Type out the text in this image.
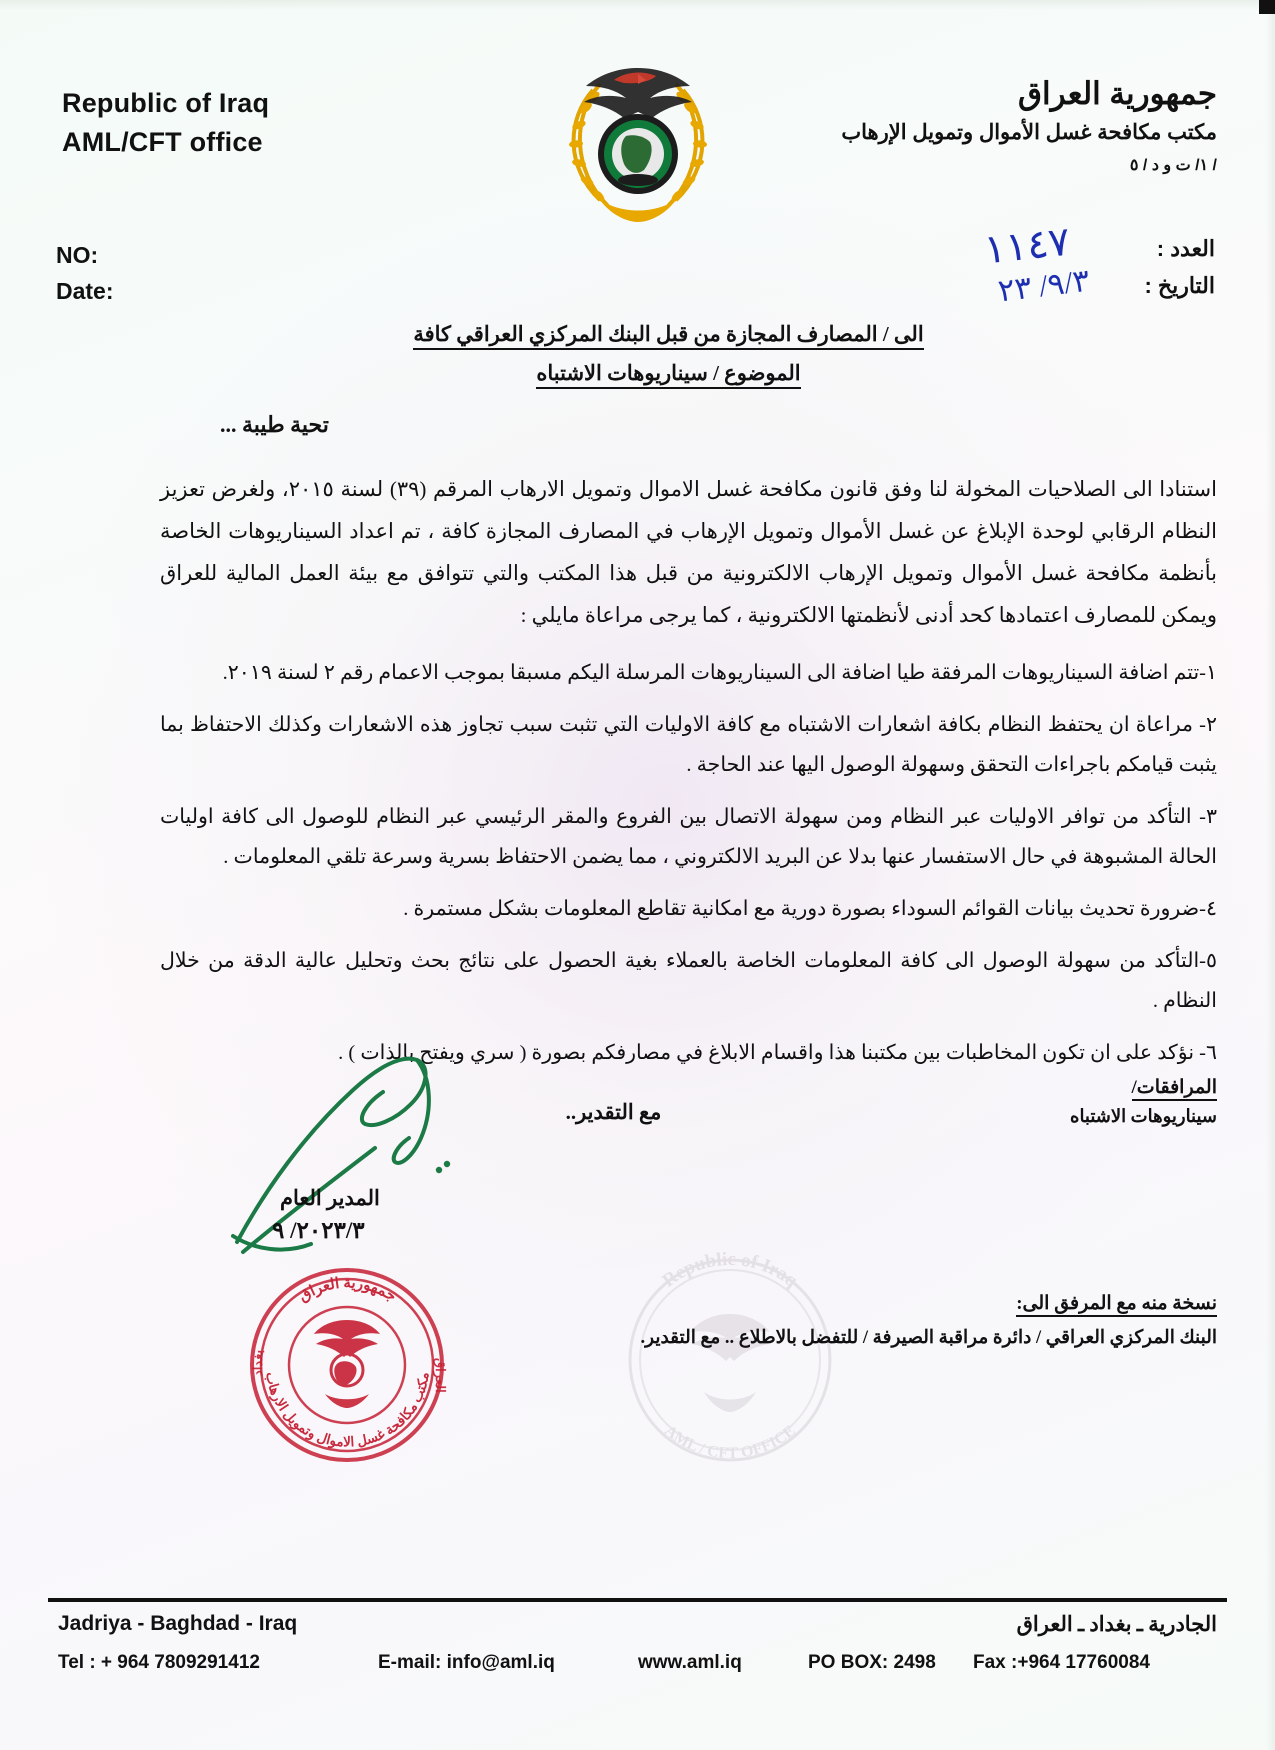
Republic of Iraq
AML/CFT office
جمهورية العراق
مكتب مكافحة غسل الأموال وتمويل الإرهاب
/ ١/ ت و د / ٥
NO:
Date:
الع‍دد :
التاريخ :
١١٤٧
٩/٣/ ٢٣
الى / المصارف المجازة من قبل البنك المركزي العراقي كافة
الموضوع / سيناريوهات الاشتباه
تحية طيبة ...
استنادا الى الصلاحيات المخولة لنا وفق قانون مكافحة غسل الاموال وتمويل الارهاب المرقم (٣٩) لسنة ٢٠١٥، ولغرض تعزيز النظام الرقابي لوحدة الإبلاغ عن غسل الأموال وتمويل الإرهاب في المصارف المجازة كافة ، تم اعداد السيناريوهات الخاصة بأنظمة مكافحة غسل الأموال وتمويل الإرهاب الالكترونية من قبل هذا المكتب والتي تتوافق مع بيئة العمل المالية للعراق ويمكن للمصارف اعتمادها كحد أدنى لأنظمتها الالكترونية ، كما يرجى مراعاة مايلي :
١-تتم اضافة السيناريوهات المرفقة طيا اضافة الى السيناريوهات المرسلة اليكم مسبقا بموجب الاعمام رقم ٢ لسنة ٢٠١٩.
٢- مراعاة ان يحتفظ النظام بكافة اشعارات الاشتباه مع كافة الاوليات التي تثبت سبب تجاوز هذه الاشعارات وكذلك الاحتفاظ بما يثبت قيامكم باجراءات التحقق وسهولة الوصول اليها عند الحاجة .
٣- التأكد من توافر الاوليات عبر النظام ومن سهولة الاتصال بين الفروع والمقر الرئيسي عبر النظام للوصول الى كافة اوليات الحالة المشبوهة في حال الاستفسار عنها بدلا عن البريد الالكتروني ، مما يضمن الاحتفاظ بسرية وسرعة تلقي المعلومات .
٤-ضرورة تحديث بيانات القوائم السوداء بصورة دورية مع امكانية تقاطع المعلومات بشكل مستمرة .
٥-التأكد من سهولة الوصول الى كافة المعلومات الخاصة بالعملاء بغية الحصول على نتائج بحث وتحليل عالية الدقة من خلال النظام .
٦- نؤكد على ان تكون المخاطبات بين مكتبنا هذا واقسام الابلاغ في مصارفكم بصورة ( سري ويفتح بالذات ) .
مع التقدير..
المرافقات/
سيناريوهات الاشتباه
المدير العام
٢٠٢٣/٣/ ٩
جمهورية العراق
مكتب مكافحة غسل الاموال وتمويل الارهاب
بغداد	العراق
Republic of Iraq
AML / CFT OFFICE
نسخة منه مع المرفق الى:
البنك المركزي العراقي / دائرة مراقبة الصيرفة / للتفضل بالاطلاع .. مع التقدير.
Jadriya - Baghdad - Iraq	الجادرية ـ بغداد ـ العراق
Tel : + 964 7809291412	E-mail: info@aml.iq	www.aml.iq	PO BOX: 2498 Fax :+964 17760084
